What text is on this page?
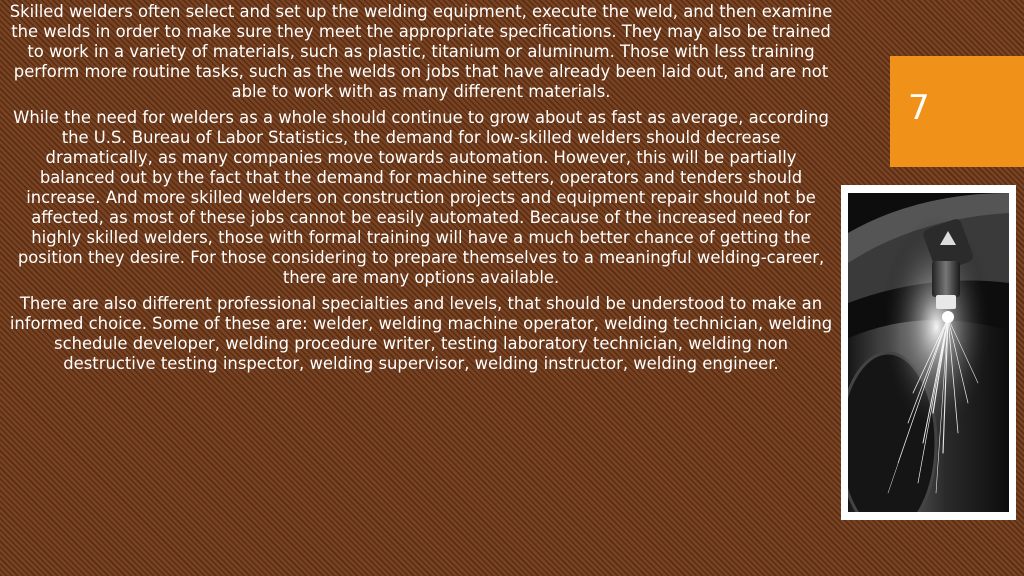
Skilled welders often select and set up the welding equipment, execute the weld, and then examine the welds in order to make sure they meet the appropriate specifications. They may also be trained to work in a variety of materials, such as plastic, titanium or aluminum. Those with less training perform more routine tasks, such as the welds on jobs that have already been laid out, and are not able to work with as many different materials.

While the need for welders as a whole should continue to grow about as fast as average, according the U.S. Bureau of Labor Statistics, the demand for low-skilled welders should decrease dramatically, as many companies move towards automation. However, this will be partially balanced out by the fact that the demand for machine setters, operators and tenders should increase. And more skilled welders on construction projects and equipment repair should not be affected, as most of these jobs cannot be easily automated. Because of the increased need for highly skilled welders, those with formal training will have a much better chance of getting the position they desire. For those considering to prepare themselves to a meaningful welding-career, there are many options available.

There are also different professional specialties and levels, that should be understood to make an informed choice. Some of these are: welder, welding machine operator, welding technician, welding schedule developer, welding procedure writer, testing laboratory technician, welding non destructive testing inspector, welding supervisor, welding instructor, welding engineer.

7
